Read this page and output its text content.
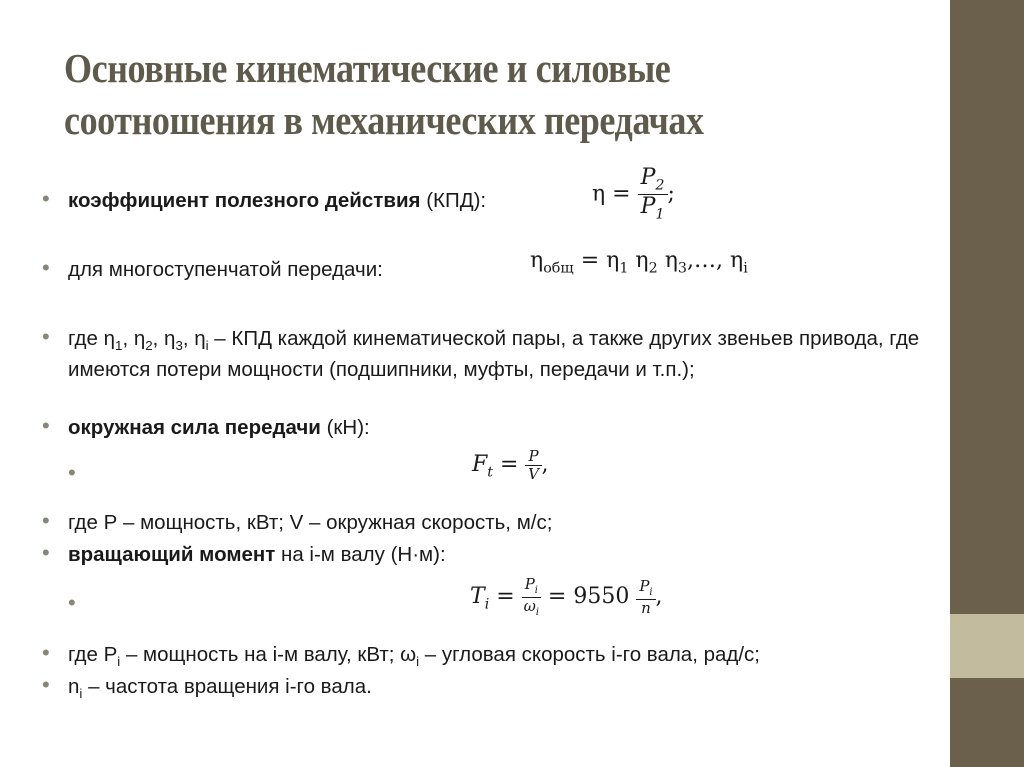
Основные кинематические и силовые
соотношения в механических передачах
• коэффициент полезного действия (КПД):	$\eta = \frac{P_2}{P_1}$ ;
• для многоступенчатой передачи:	$\eta_{общ} = \eta_1$ $\eta_2$ $\eta_3,\dots$, $\eta_i$
• где $\eta_1$, $\eta_2$, $\eta_3$, $\eta_i$ – КПД каждой кинематической пары, а также других звеньев привода, где имеются потери мощности (подшипники, муфты, передачи и т.п.);
• окружная сила передачи (кН):
•	$F_t = \frac{P}{V}$ ,
• где Р – мощность, кВт; V – окружная скорость, м/с;
• вращающий момент на i-м валу (Н·м):
•	$T_i = \frac{P_i}{\omega_i} = 9550 \frac{P_i}{n}$ ,
• где $Р_i$ – мощность на i-м валу, кВт; $\omega_i$ – угловая скорость i-го вала, рад/с;
• $n_i$ – частота вращения i-го вала.
